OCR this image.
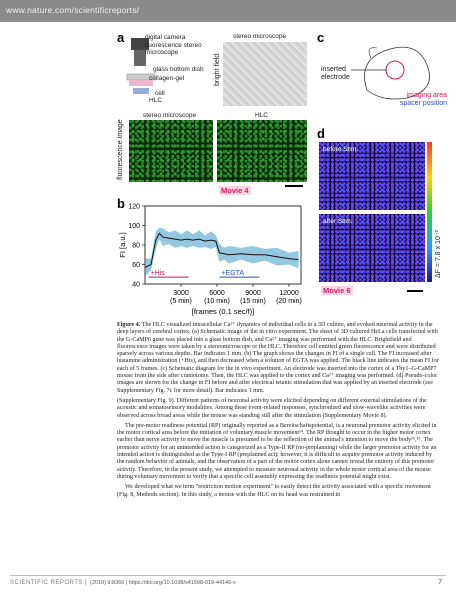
www.nature.com/scientificreports/
a	digital camera
fluorescence stereo microscope
glass bottom dish
collagen-gel
cell
HLC
stereo microscope
bright field
stereo microscope	HLC
fluorescence image
Movie 4
b
40
60
80
100
120
3000
(5 min)
6000
(10 min)
9000
(15 min)
12000
(20 min)
[frames (0.1 sec/f)]
FI [a.u.]
+His	+EGTA
c
inserted electrode
imaging area
spacer position
d
before Stim.
after Stim.
ΔF = 7.8 x 10⁻²
Movie 6
Figure 4. The HLC visualized intracellular Ca²⁺ dynamics of individual cells in a 3D culture, and evoked neuronal activity in the deep layers of cerebral cortex. (a) Schematic image of the in vitro experiment. The sheet of 3D cultured HeLa cells transfected with the G-CaMP6 gene was placed into a glass bottom dish, and Ca²⁺ imaging was performed with the HLC. Brightfield and fluorescence images were taken by a stereomicroscope or the HLC. Therefore cell emitted green fluorescence and were distributed sparsely across various depths. Bar indicates 1 mm. (b) The graph shows the changes in FI of a single cell. The FI increased after histamine administration (+His), and then decreased when a solution of EGTA was applied. The black line indicates the mean FI for each of 5 frames. (c) Schematic diagram for the in vivo experiment. An electrode was inserted into the cortex of a Thy1–G-CaMP7 mouse from the side after craniotomy. Then, the HLC was applied to the cortex and Ca²⁺ imaging was performed. (d) Pseudo-color images are shown for the change in FI before and after electrical tetanic stimulation that was applied by an inserted electrode (see Supplementary Fig. 7c for more detail). Bar indicates 1 mm.

(Supplementary Fig. 9). Different patterns of neuronal activity were elicited depending on different external stimulations of the acoustic and somatosensory modalities. Among these event-related responses, synchronized and slow-wavelike activities were observed across broad areas while the mouse was standing still after the stimulation (Supplementary Movie 8).

The pre-motor readiness potential (RP) originally reported as a Bereitschaftspotential, is a neuronal premotor activity elicited in the motor cortical area before the initiation of voluntary muscle movement¹⁴. The RP thought to occur in the higher motor cortex earlier than nerve activity to move the muscle is presumed to be the reflection of the animal's intention to move the body¹⁵,¹⁶. The premotor activity for an unintended action is categorized as a Type-II RP (no-preplanning) while the larger premotor activity for an intended action is distinguished as the Type-I RP (preplanned act); however, it is difficult to acquire premotor activity induced by the random behavior of animals, and the observation of a part of the motor cortex alone cannot reveal the entirety of this premotor activity. Therefore, in the present study, we attempted to measure neuronal activity in the whole motor cortical area of the mouse during voluntary movement to verify that a specific cell assembly expressing the readiness potential might exist.

We developed what we term "restriction motion experiment" to easily detect the activity associated with a specific movement (Fig. 8, Methods section). In this study, a mouse with the HLC on its head was restrained in

SCIENTIFIC REPORTS | (2019) 9:8366 | https://doi.org/10.1038/s41598-019-44146-x	7
